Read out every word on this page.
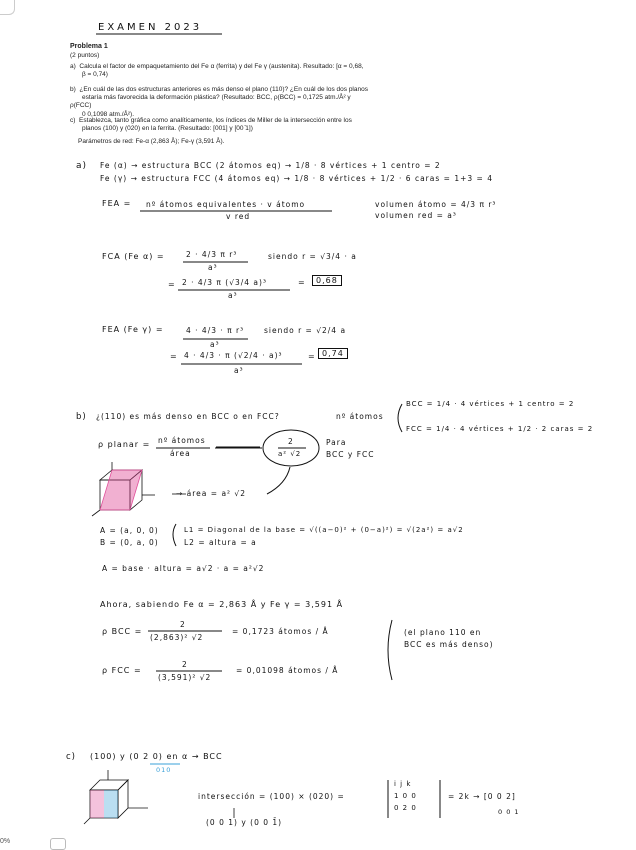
EXAMEN 2023
Problema 1
(2 puntos)
a) Calcula el factor de empaquetamiento del Fe α (ferrita) y del Fe γ (austenita). Resultado: [α = 0,68,
β = 0,74)
b) ¿En cuál de las dos estructuras anteriores es más denso el plano (110)? ¿En cuál de los dos planos
estaría más favorecida la deformación plástica? (Resultado: BCC, ρ(BCC) = 0,1725 atm./Å² y ρ(FCC)
0 0,1098 atm./Å²).
c) Establezca, tanto gráfica como analíticamente, los índices de Miller de la intersección entre los
planos (100) y (020) en la ferrita. (Resultado: [001] y [00 ̄1])
Parámetros de red: Fe-α (2,863 Å); Fe-γ (3,591 Å).
a) Fe (α) → estructura BCC (2 átomos eq) → 1/8 · 8 vértices + 1 centro = 2
Fe (γ) → estructura FCC (4 átomos eq) → 1/8 · 8 vértices + 1/2 · 6 caras = 1+3 = 4
FEA = nº átomos equivalentes · v átomo
v red
volumen átomo = 4/3 π r³
volumen red = a³
FCA (Fe α) =	2 · 4/3 π r³
a³
siendo r = √3/4 · a
= 2 · 4/3 π (√3/4 a)³
a³
=	0,68
FEA (Fe γ) =	4 · 4/3 · π r³
a³
siendo r = √2/4 a
= 4 · 4/3 · π (√2/4 · a)³
a³
= 0,74
b) ¿(110) es más denso en BCC o en FCC?	nº átomos
BCC = 1/4 · 4 vértices + 1 centro = 2
FCC = 1/4 · 4 vértices + 1/2 · 2 caras = 2
ρ planar = nº átomos
área
2
a² √2
Para
BCC y FCC
→ área = a² √2
A = (a, 0, 0)
B = (0, a, 0)
L1 = Diagonal de la base = √((a−0)² + (0−a)²) = √(2a²) = a√2
L2 = altura = a
A = base · altura = a√2 · a = a²√2
Ahora, sabiendo Fe α = 2,863 Å y Fe γ = 3,591 Å
ρ BCC =
2
(2,863)² √2
= 0,1723 átomos / Å
ρ FCC =
2
(3,591)² √2
= 0,01098 átomos / Å
(el plano 110 en
BCC es más denso)
c) (100) y (0 2 0) en α → BCC
010
intersección = (100) × (020) =
i j k
1 0 0
0 2 0
= 2k → [0 0 2]
0 0 1
(0 0 1) y (0 0 1̄)
0%
